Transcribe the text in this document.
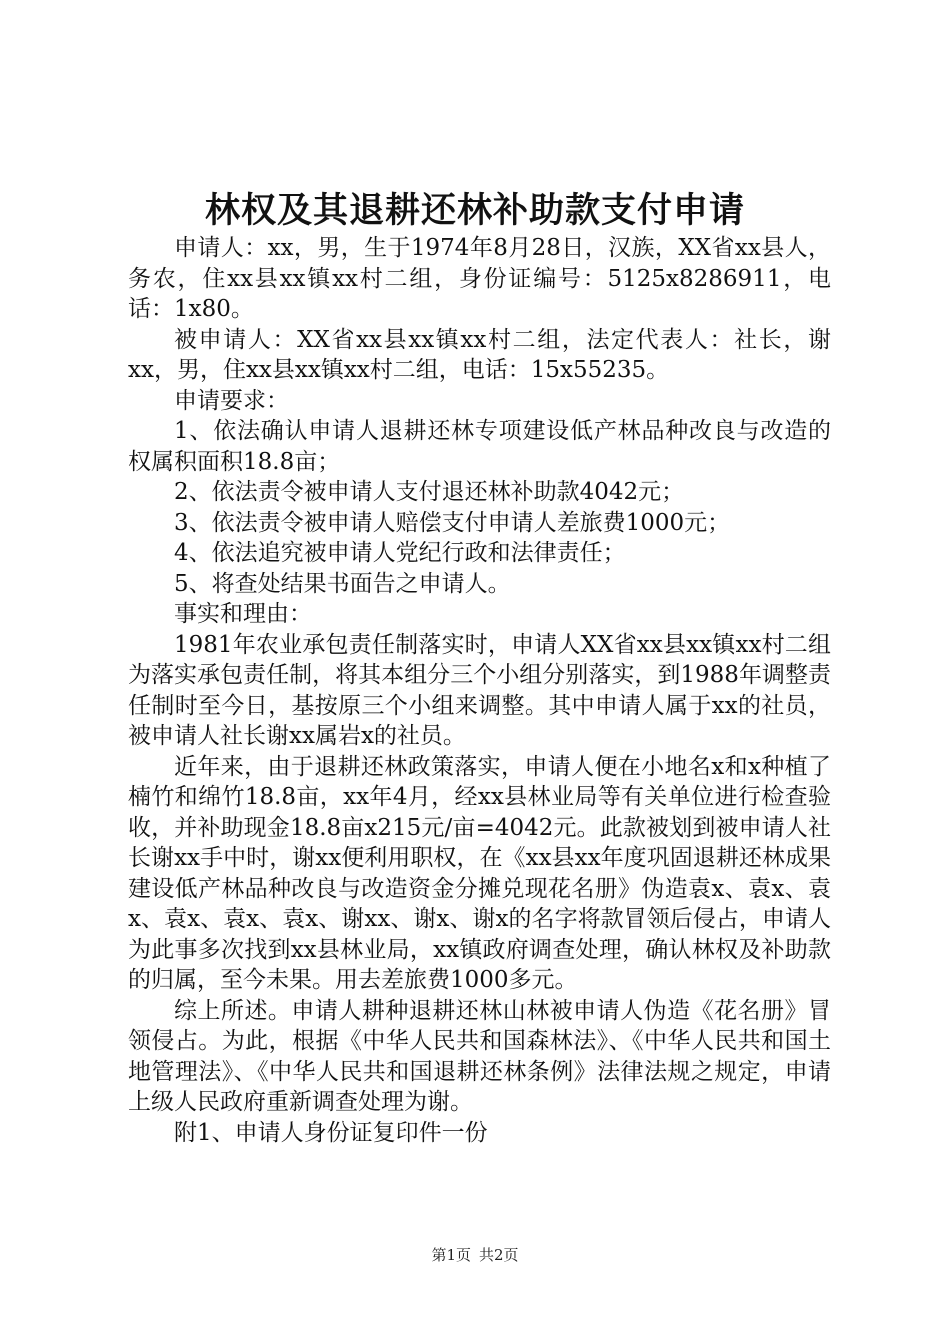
林权及其退耕还林补助款支付申请

申请人：xx，男，生于1974年8月28日，汉族，XX省xx县人，务农，住xx县xx镇xx村二组，身份证编号：5125x8286911，电话：1x80。

被申请人：XX省xx县xx镇xx村二组，法定代表人：社长，谢xx，男，住xx县xx镇xx村二组，电话：15x55235。

申请要求：

1、依法确认申请人退耕还林专项建设低产林品种改良与改造的权属积面积18.8亩；

2、依法责令被申请人支付退还林补助款4042元；

3、依法责令被申请人赔偿支付申请人差旅费1000元；

4、依法追究被申请人党纪行政和法律责任；

5、将查处结果书面告之申请人。

事实和理由：

1981年农业承包责任制落实时，申请人XX省xx县xx镇xx村二组为落实承包责任制，将其本组分三个小组分别落实，到1988年调整责任制时至今日，基按原三个小组来调整。其中申请人属于xx的社员，被申请人社长谢xx属岩x的社员。

近年来，由于退耕还林政策落实，申请人便在小地名x和x种植了楠竹和绵竹18.8亩，xx年4月，经xx县林业局等有关单位进行检查验收，并补助现金18.8亩x215元/亩=4042元。此款被划到被申请人社长谢xx手中时，谢xx便利用职权，在《xx县xx年度巩固退耕还林成果建设低产林品种改良与改造资金分摊兑现花名册》伪造袁x、袁x、袁x、袁x、袁x、袁x、谢xx、谢x、谢x的名字将款冒领后侵占，申请人为此事多次找到xx县林业局，xx镇政府调查处理，确认林权及补助款的归属，至今未果。用去差旅费1000多元。

综上所述。申请人耕种退耕还林山林被申请人伪造《花名册》冒领侵占。为此，根据《中华人民共和国森林法》、《中华人民共和国土地管理法》、《中华人民共和国退耕还林条例》法律法规之规定，申请上级人民政府重新调查处理为谢。

附1、申请人身份证复印件一份

第1页 共2页
